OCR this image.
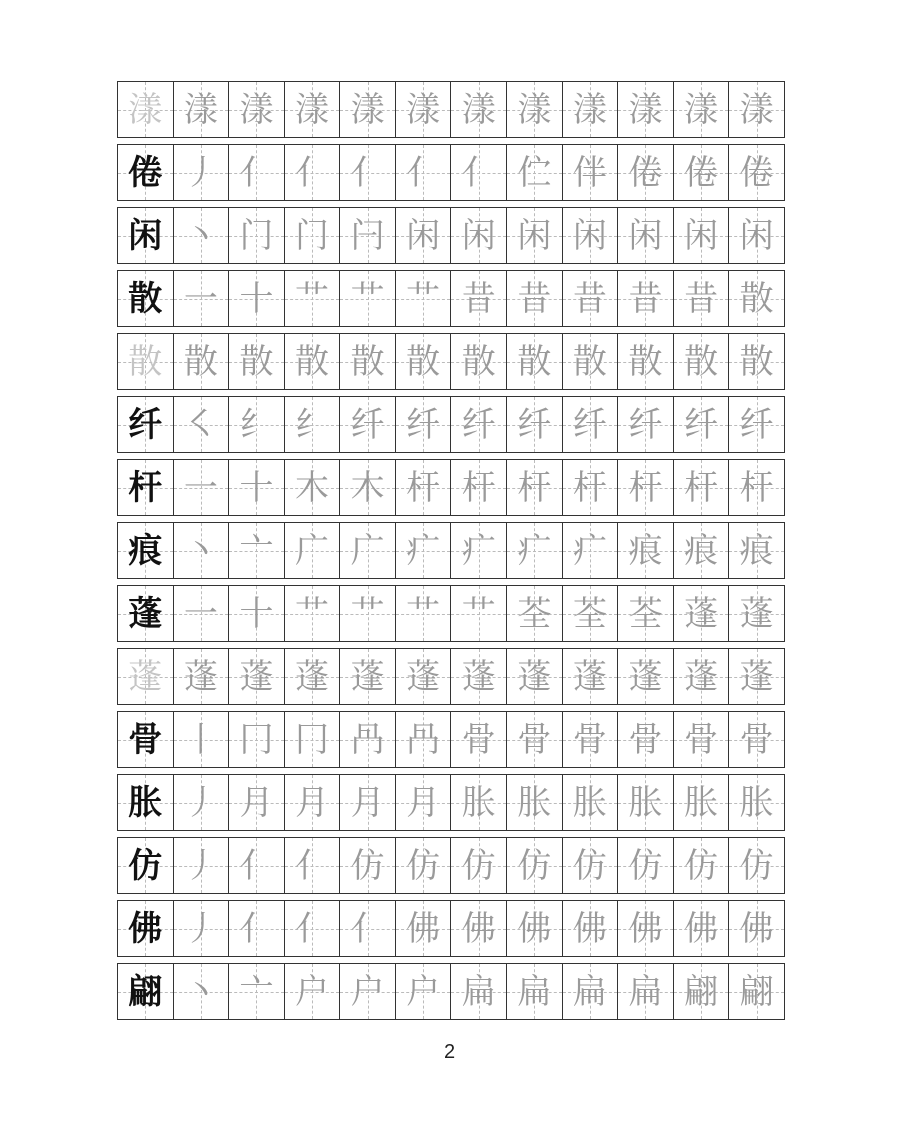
漾 漾 漾 漾 漾 漾 漾 漾 漾 漾 漾 漾
倦 丿 亻 亻 亻 亻 亻 伫 伴 倦 倦 倦
闲 丶 门 门 闩 闲 闲 闲 闲 闲 闲 闲
散 一 十 艹 艹 艹 昔 昔 昔 昔 昔 散
散 散 散 散 散 散 散 散 散 散 散 散
纤 ㇛ 纟 纟 纤 纤 纤 纤 纤 纤 纤 纤
杆 一 十 木 木 杆 杆 杆 杆 杆 杆 杆
痕 丶 亠 广 广 疒 疒 疒 疒 痕 痕 痕
蓬 一 十 艹 艹 艹 艹 荃 荃 荃 蓬 蓬
蓬 蓬 蓬 蓬 蓬 蓬 蓬 蓬 蓬 蓬 蓬 蓬
骨 丨 冂 冂 冎 冎 骨 骨 骨 骨 骨 骨
胀 丿 月 月 月 月 胀 胀 胀 胀 胀 胀
仿 丿 亻 亻 仿 仿 仿 仿 仿 仿 仿 仿
佛 丿 亻 亻 亻 佛 佛 佛 佛 佛 佛 佛
翩 丶 亠 户 户 户 扁 扁 扁 扁 翩 翩
2
